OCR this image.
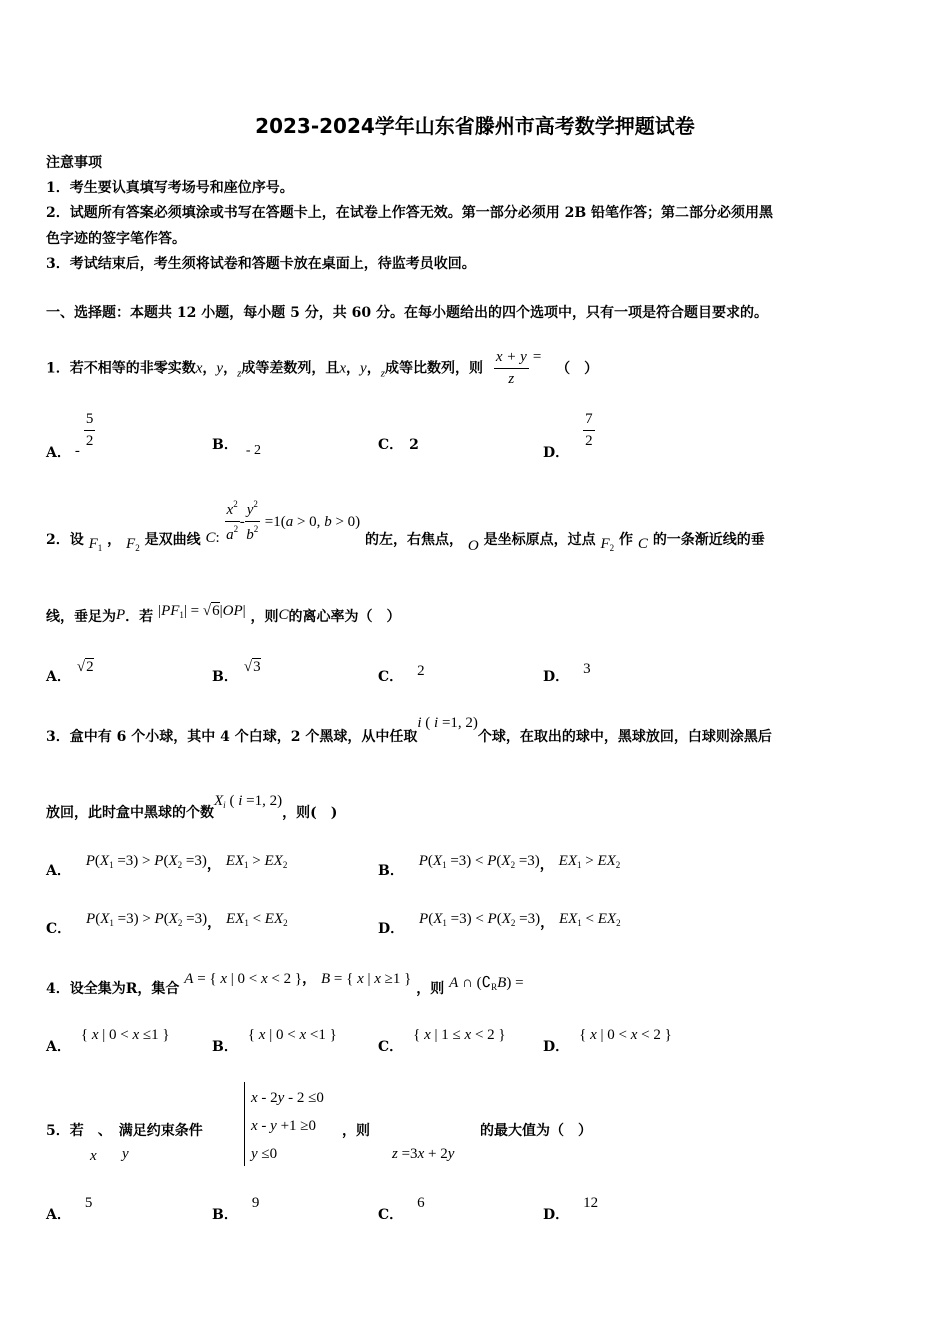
2023-2024学年山东省滕州市高考数学押题试卷
注意事项
1．考生要认真填写考场号和座位序号。
2．试题所有答案必须填涂或书写在答题卡上，在试卷上作答无效。第一部分必须用 2B 铅笔作答；第二部分必须用黑
色字迹的签字笔作答。
3．考试结束后，考生须将试卷和答题卡放在桌面上，待监考员收回。
一、选择题：本题共 12 小题，每小题 5 分，共 60 分。在每小题给出的四个选项中，只有一项是符合题目要求的。
1．若不相等的非零实数x，y，$_z$成等差数列，且x，y，$_z$成等比数列，则 $\frac{x + y}{z}$ = （　）
A． -
$\frac{5}{2}$	B． - 2	C． 2	D．
$\frac{7}{2}$
2．设 $F_1$ ， $F_2$ 是双曲线 C: $\frac{x^2}{a^2} - \frac{y^2}{b^2} =1(a > 0$, b > 0) 的左，右焦点， O 是坐标原点，过点 $F_2$ 作 C 的一条渐近线的垂
线，垂足为P．若 $|PF_1| = √6|OP|$ ，则C的离心率为（　）
A．√2
B．√3
C． 2	D． 3
3．盒中有 6 个小球，其中 4 个白球，2 个黑球，从中任取i ( i =1, 2)个球，在取出的球中，黑球放回，白球则涂黑后
放回，此时盒中黑球的个数$X_i$ ( i =1, 2)，则(　)
A． $P(X_1 =3) > P(X_2 =3)$， $EX_1 > EX_2$	B． $P(X_1 =3) < P(X_2 =3)$， $EX_1 > EX_2$
C． $P(X_1 =3) > P(X_2 =3)$， $EX_1 < EX_2$	D． $P(X_1 =3) < P(X_2 =3)$， $EX_1 < EX_2$
4．设全集为R，集合 A = { x | 0 < x < 2 }， B = { x | x ≥1 } ，则 A ∩ $(∁_RB)$ =
A．{ x | 0 < x ≤1 }
B．{ x | 0 < x <1 }
C．{ x | 1 ≤ x < 2 }
D．{ x | 0 < x < 2 }
5．若　、　满足约束条件
x y
x - 2y - 2 ≤0
x - y +1 ≥0
y ≤0
，则
z =3x + 2y
的最大值为（　）
A．5
B．9
C．6
D．12
